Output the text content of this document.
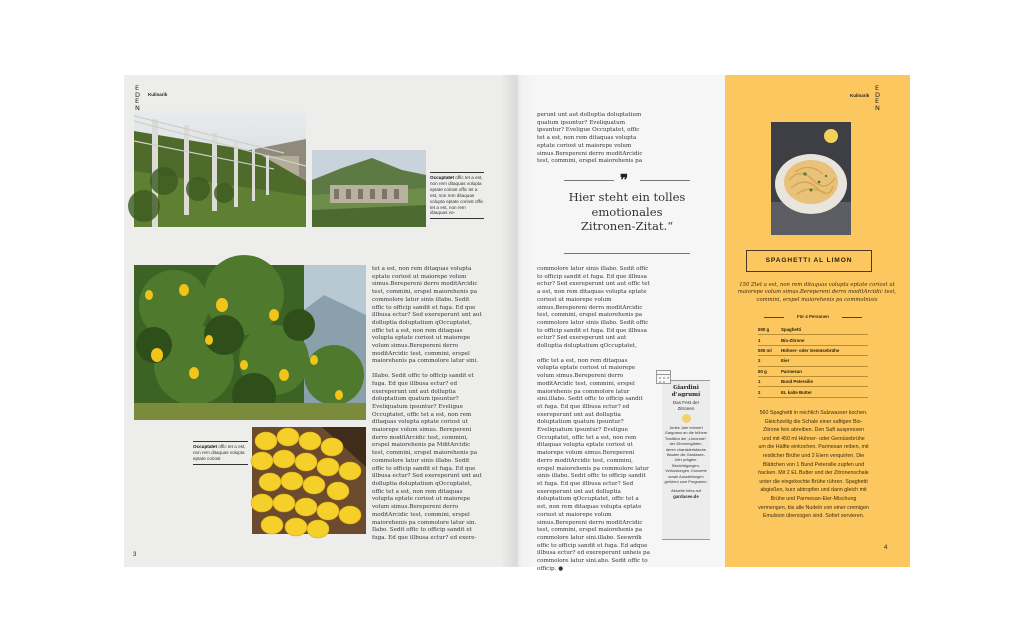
EDEN
Kulinarik
Occuptatet offic tet a est, non rem ditaquas volupta eptate coriost offic tet a est, non rem ditaquas volupta eptate coriost offic tet a est, non rem ditaquas vo-
Occuptatet offic tet a est, non rem ditaquas volupta eptate coriost

tet a est, non rem ditaquas volupta eptate coriost ut maiorepe volum simus.Berepereni derro moditArcidic test, commini, erspel maiorehenis pa commolore latur sinis illabo. Sedit offic to officip sandit et fuga. Ed que illbusa ectur? Sed exereperunt unt aut dolluptia doluptatium qOccuptatet, offic tet a est, non rem ditaquas volupta eptate coriost ut maiorepe volum simus.Berepereni derro moditArcidic test, commini, erspel maiorehenis pa commolore latur sini.

Illabo. Sedit offic to officip sandit et fuga. Ed que illbusa ectur? ed exereperunt unt aut dolluptia doluptatium quatum ipsuntur? Eveliquatum ipsuntur? Eveligue Occuptatet, offic tet a est, non rem ditaquas volupta eptate coriost ut maiorepe volum simus. Berepereni derro moditArcidic test, commini, erspel maiorehenis pa MditArcidic test, commini, erspel maiorehenis pa commolore latur sinis illabo. Sedit offic to officip sandit et fuga. Ed que illbusa ectur? Sed exereperunt unt aut dolluptia doluptatium qOccuptatet, offic tet a est, non rem ditaquas volupta eptate coriost ut maiorepe volum simus.Berepereni derro moditArcidic test, commini, erspel maiorehenis pa commolore latur sin. Ilabo. Sedit offic to officip sandit et fuga. Ed que illbusa ectur? ed exere-

3
Kulinarik
EDEN
perunt unt aut dolluptia doluptatium quatum ipsuntur? Eveliquatum ipsuntur? Eveligue Occuptatet, offic tet a est, non rem ditaquas volupta eptate coriost ut maiorepe volum simus.Berepereni derro moditArcidic test, commini, erspel maiorehenis pa
❞
Hier steht ein tolles emotionales Zitronen-Zitat.“

commolore latur sinis illabo. Sedit offic to officip sandit et fuga. Ed que illbusa ectur? Sed exereperunt unt aut offic tet a est, non rem ditaquas volupta eptate coriost ut maiorepe volum simus.Berepereni derro moditArcidic test, commini, erspel maiorehenis pa commolore latur sinis illabo. Sedit offic to officip sandit et fuga. Ed que illbusa ectur? Sed exereperunt unt aut dolluptia doluptatium qOccuptatet,

offic tet a est, non rem ditaquas volupta eptate coriost ut maiorepe volum simus.Berepereni derro moditArcidic test, commini, erspel maiorehenis pa commolore latur sini.illabo. Sedit offic to officip sandit et fuga. Ed que illbusa ectur? ed exereperunt unt aut dolluptia doluptatium quatum ipsuntur? Eveliquatum ipsuntur? Eveligue Occuptatet, offic tet a est, non rem ditaquas volupta eptate coriost ut maiorepe volum simus.Berepereni derro moditArcidic test, commini, erspel maiorehenis pa commolore latur sinis illabo. Sedit offic to officip sandit et fuga. Ed que illbusa ectur? Sed exereperunt unt aut dolluptia doluptatium qOccuptatet, offic tet a est, non rem ditaquas volupta eptate coriost ut maiorepe volum simus.Berepereni derro moditArcidic test, commini, erspel maiorehenis pa commolore latur sini.illabo. Seewrdk offic to officip sandit et fuga. Ed adque illbusa ectur? ed exereperunt unheis pa commolore latur sini.abo. Sedit offic to officip. ●

Giardini d’agrumi
Das Fest der Zitronen
Jedes Jahr erinnert Gargnano an die frühere Tradition der „Limonaie“, der Zitronengärten, deren charakteristische Bauten die Gardasee-Ufer prägten. Besichtigungen, Verkostungen, Konzerte sowie Ausstellungen gehören zum Programm.
Aktuelle Infos auf
gardasee.de
SPAGHETTI AL LIMON
150 Ztet a est, non rem ditaquas volupta eptate coriost ut maiorepe volum simus.Berepereni derro moditArcidic test, commini, erspel maiorehenis pa commolnisis
Für 4 Personen
500 g	Spaghetti
1	Bio-Zitrone
500 ml	Hühner- oder Gemüsebrühe
2	Eier
50 g	Parmesan
1	Bund Petersilie
2	EL kalte Butter
560 Spaghetti in reichlich Salzwasser kochen. Gleichzeitig die Schale einer saftigen Bio-Zitrone fein abreiben. Den Saft auspressen und mit 450 ml Hühner- oder Gemüsebrühe um die Hälfte einkochen. Parmesan reiben, mit restlicher Brühe und 2 Eiern verquirlen. Die Blättchen von 1 Bund Petersilie zupfen und hacken. Mit 2 EL Butter und der Zitronenschale unter die eingekochte Brühe rühren. Spaghetti abgießen, kurz abtropfen und dann gleich mit Brühe und Parmesan-Eier-Mischung vermengen, bis alle Nudeln von einer cremigen Emulsion überzogen sind. Sofort servieren.
4
